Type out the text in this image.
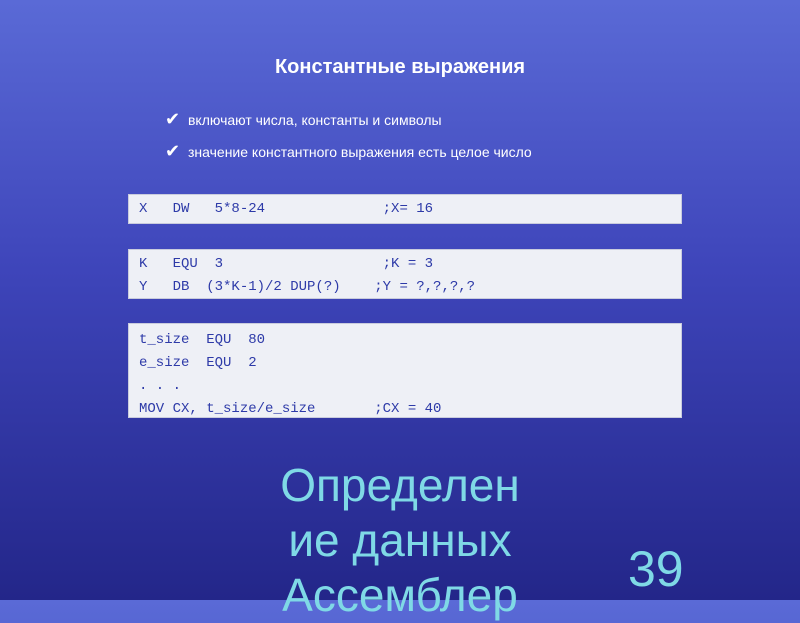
Константные выражения
✔ включают числа, константы и символы
✔ значение константного выражения есть целое число
X   DW   5*8-24              ;X= 16
K   EQU  3                   ;K = 3
Y   DB  (3*K-1)/2 DUP(?)    ;Y = ?,?,?,?
t_size  EQU  80
e_size  EQU  2
. . .
MOV CX, t_size/e_size       ;CX = 40
Определен
ие данных
Ассемблер	39
